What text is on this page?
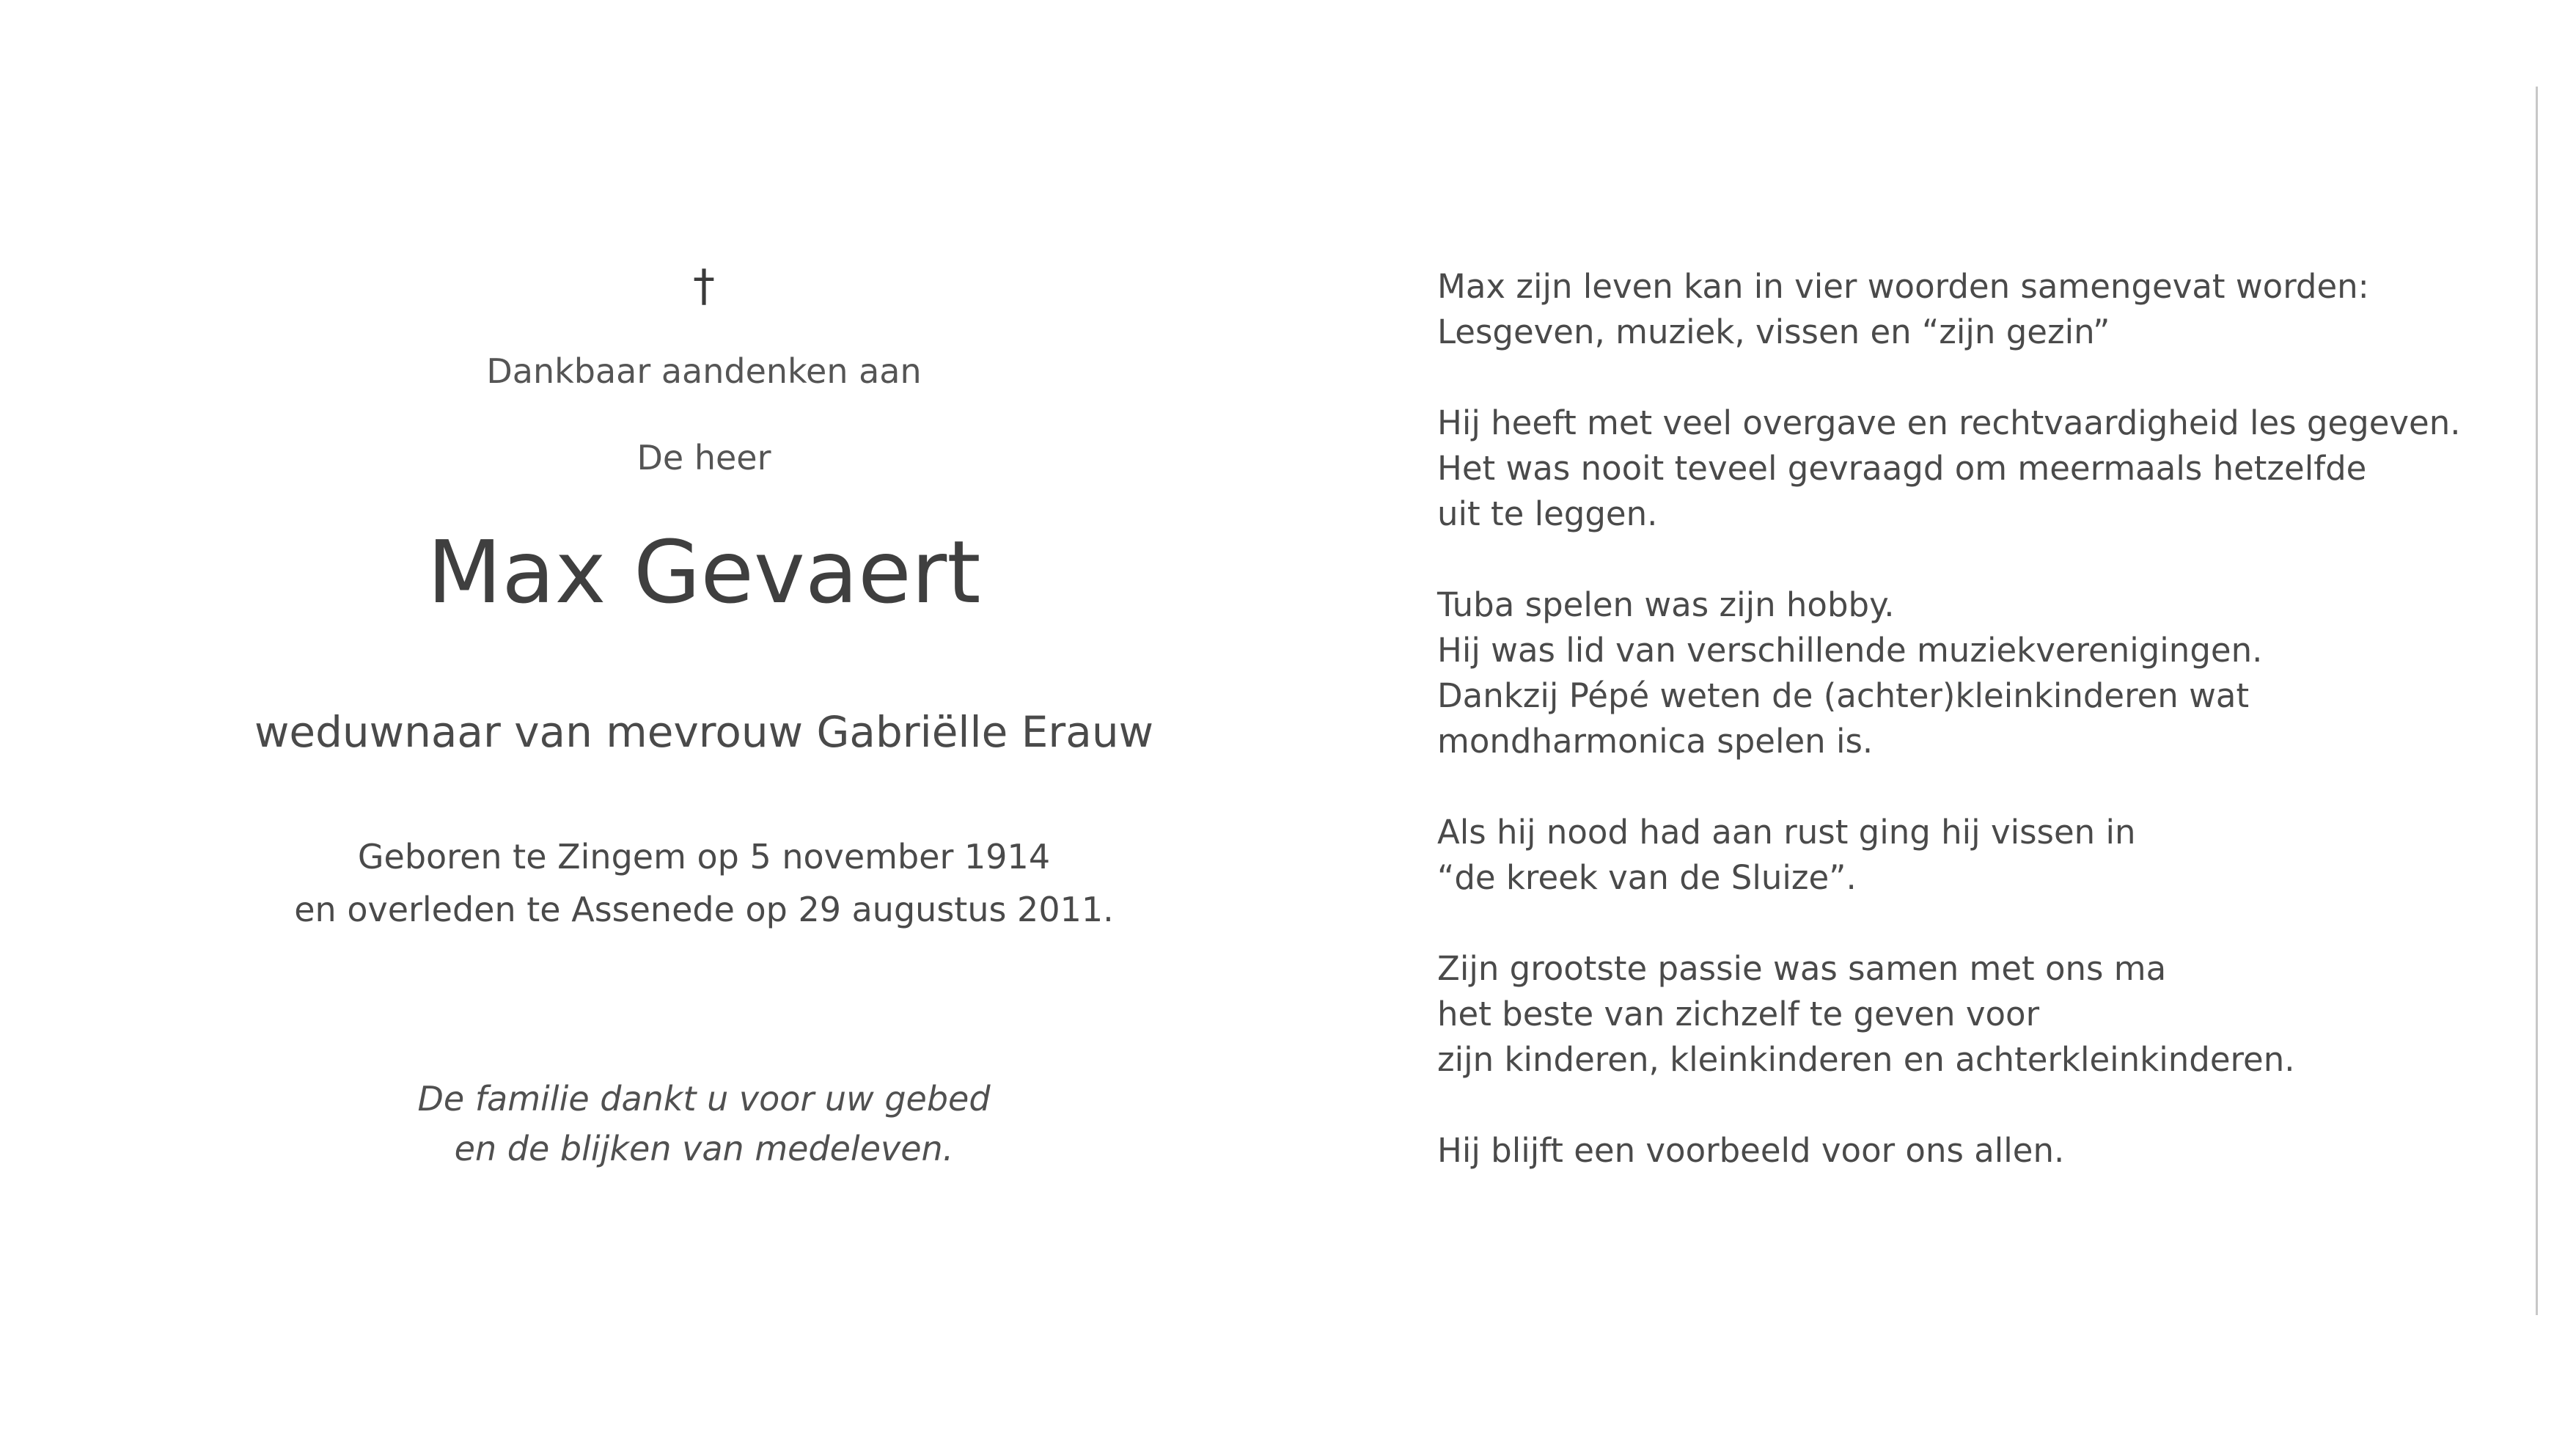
†
Dankbaar aandenken aan
De heer
Max Gevaert
weduwnaar van mevrouw Gabriëlle Erauw
Geboren te Zingem op 5 november 1914
en overleden te Assenede op 29 augustus 2011.
De familie dankt u voor uw gebed
en de blijken van medeleven.

Max zijn leven kan in vier woorden samengevat worden:
Lesgeven, muziek, vissen en “zijn gezin”

Hij heeft met veel overgave en rechtvaardigheid les gegeven.
Het was nooit teveel gevraagd om meermaals hetzelfde
uit te leggen.

Tuba spelen was zijn hobby.
Hij was lid van verschillende muziekverenigingen.
Dankzij Pépé weten de (achter)kleinkinderen wat
mondharmonica spelen is.

Als hij nood had aan rust ging hij vissen in
“de kreek van de Sluize”.

Zijn grootste passie was samen met ons ma
het beste van zichzelf te geven voor
zijn kinderen, kleinkinderen en achterkleinkinderen.

Hij blijft een voorbeeld voor ons allen.
